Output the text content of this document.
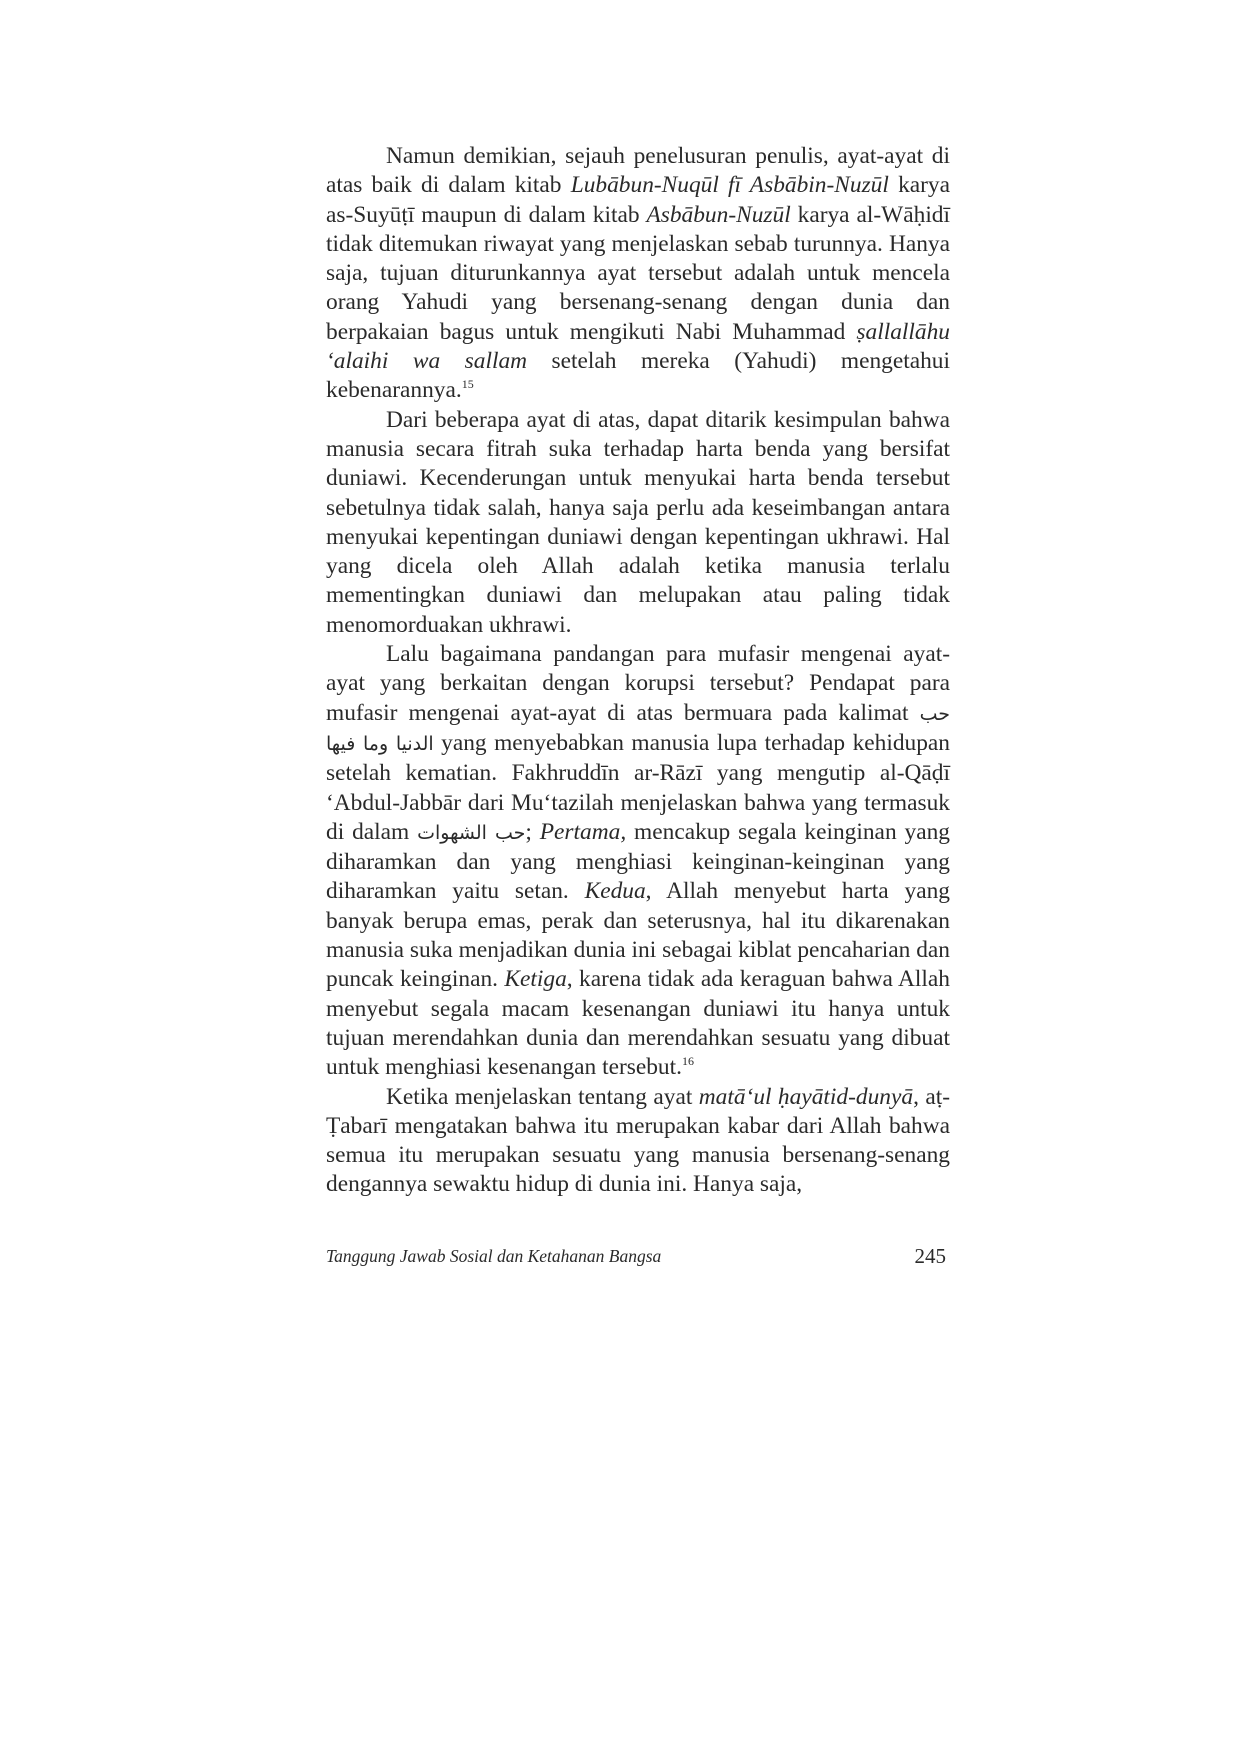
Namun demikian, sejauh penelusuran penulis, ayat-ayat di atas baik di dalam kitab Lubābun-Nuqūl fī Asbābin-Nuzūl karya as-Suyūṭī maupun di dalam kitab Asbābun-Nuzūl karya al-Wāḥidī tidak ditemukan riwayat yang menjelaskan sebab turunnya. Hanya saja, tujuan diturunkannya ayat tersebut adalah untuk mencela orang Yahudi yang bersenang-senang dengan dunia dan berpakaian bagus untuk mengikuti Nabi Muhammad ṣallallāhu ‘alaihi wa sallam setelah mereka (Yahudi) mengetahui kebenarannya.$^{15}$

Dari beberapa ayat di atas, dapat ditarik kesimpulan bahwa manusia secara fitrah suka terhadap harta benda yang bersifat duniawi. Kecenderungan untuk menyukai harta benda tersebut sebetulnya tidak salah, hanya saja perlu ada keseimbangan antara menyukai kepentingan duniawi dengan kepentingan ukhrawi. Hal yang dicela oleh Allah adalah ketika manusia terlalu mementingkan duniawi dan melupakan atau paling tidak menomorduakan ukhrawi.

Lalu bagaimana pandangan para mufasir mengenai ayat-ayat yang berkaitan dengan korupsi tersebut? Pendapat para mufasir mengenai ayat-ayat di atas bermuara pada kalimat حب الدنيا وما فيها yang menyebabkan manusia lupa terhadap kehidupan setelah kematian. Fakhruddīn ar-Rāzī yang mengutip al-Qāḍī ‘Abdul-Jabbār dari Mu‘tazilah menjelaskan bahwa yang termasuk di dalam حب الشهوات; Pertama, mencakup segala keinginan yang diharamkan dan yang menghiasi keinginan-keinginan yang diharamkan yaitu setan. Kedua, Allah menyebut harta yang banyak berupa emas, perak dan seterusnya, hal itu dikarenakan manusia suka menjadikan dunia ini sebagai kiblat pencaharian dan puncak keinginan. Ketiga, karena tidak ada keraguan bahwa Allah menyebut segala macam kesenangan duniawi itu hanya untuk tujuan merendahkan dunia dan merendahkan sesuatu yang dibuat untuk menghiasi kesenangan tersebut.$^{16}$

Ketika menjelaskan tentang ayat matā‘ul ḥayātid-dunyā, aṭ-Ṭabarī mengatakan bahwa itu merupakan kabar dari Allah bahwa semua itu merupakan sesuatu yang manusia bersenang-senang dengannya sewaktu hidup di dunia ini. Hanya saja,

Tanggung Jawab Sosial dan Ketahanan Bangsa	245
